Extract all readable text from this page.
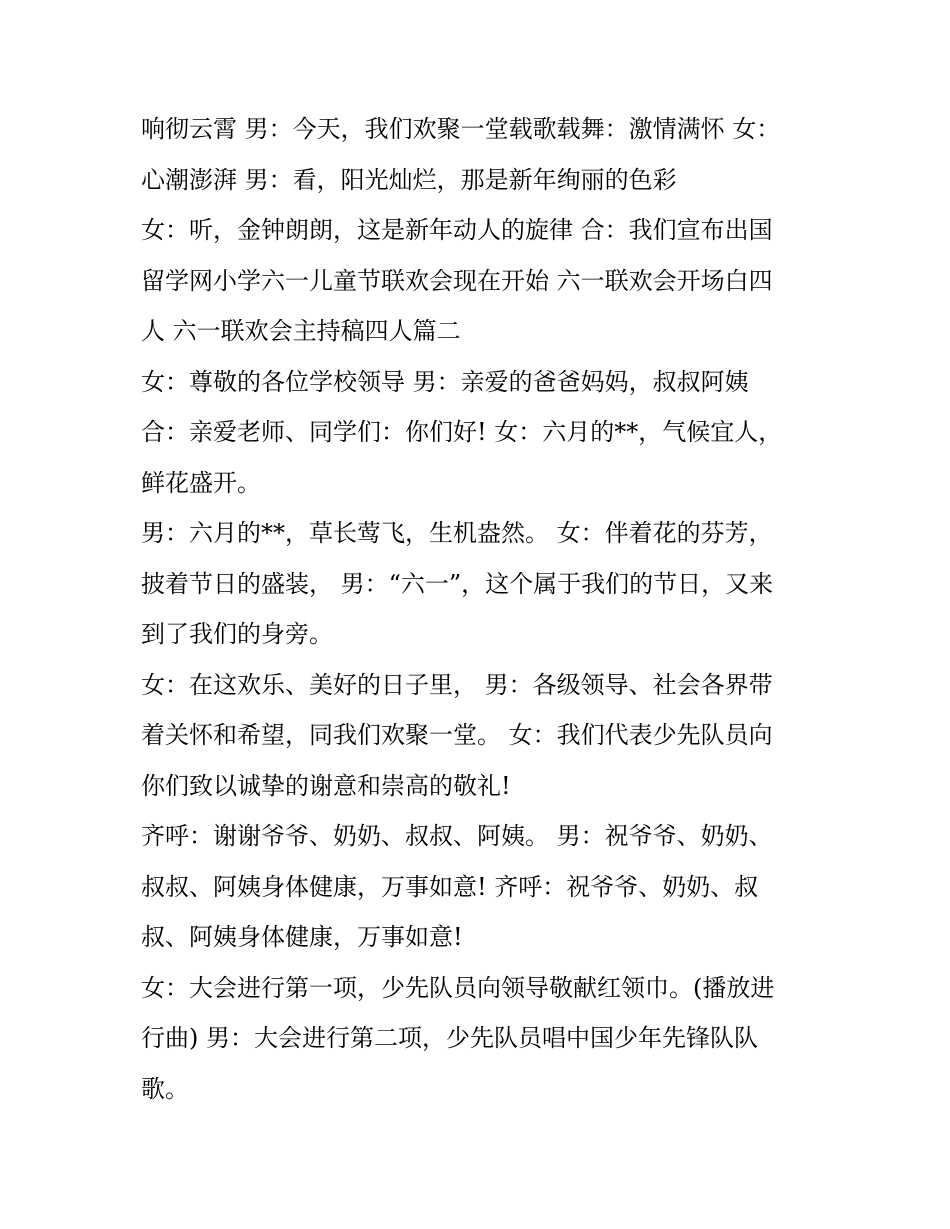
响彻云霄 男：今天，我们欢聚一堂载歌载舞：激情满怀 女：

心潮澎湃 男：看，阳光灿烂，那是新年绚丽的色彩

女：听，金钟朗朗，这是新年动人的旋律 合：我们宣布出国

留学网小学六一儿童节联欢会现在开始 六一联欢会开场白四

人 六一联欢会主持稿四人篇二

女：尊敬的各位学校领导 男：亲爱的爸爸妈妈，叔叔阿姨

合：亲爱老师、同学们：你们好! 女：六月的**，气候宜人，

鲜花盛开。

男：六月的**，草长莺飞，生机盎然。 女：伴着花的芬芳，

披着节日的盛装， 男：“六一”，这个属于我们的节日，又来

到了我们的身旁。

女：在这欢乐、美好的日子里， 男：各级领导、社会各界带

着关怀和希望，同我们欢聚一堂。 女：我们代表少先队员向

你们致以诚挚的谢意和崇高的敬礼!

齐呼：谢谢爷爷、奶奶、叔叔、阿姨。 男：祝爷爷、奶奶、

叔叔、阿姨身体健康，万事如意! 齐呼：祝爷爷、奶奶、叔

叔、阿姨身体健康，万事如意!

女：大会进行第一项，少先队员向领导敬献红领巾。(播放进

行曲) 男：大会进行第二项，少先队员唱中国少年先锋队队

歌。
